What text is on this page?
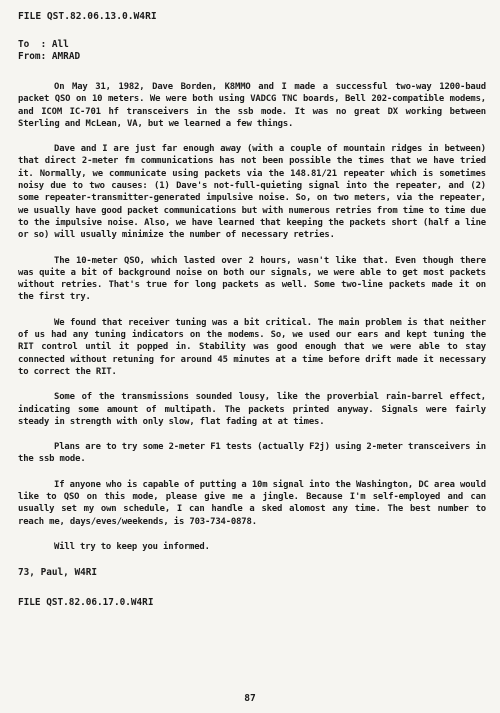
FILE QST.82.06.13.0.W4RI
To  : All
From: AMRAD

On May 31, 1982, Dave Borden, K8MMO and I made a successful two-way 1200-baud packet QSO on 10 meters. We were both using VADCG TNC boards, Bell 202-compatible modems, and ICOM IC-701 hf transceivers in the ssb mode. It was no great DX working between Sterling and McLean, VA, but we learned a few things.

Dave and I are just far enough away (with a couple of mountain ridges in between) that direct 2-meter fm communications has not been possible the times that we have tried it. Normally, we communicate using packets via the 148.81/21 repeater which is sometimes noisy due to two causes: (1) Dave's not-full-quieting signal into the repeater, and (2) some repeater-transmitter-generated impulsive noise. So, on two meters, via the repeater, we usually have good packet communications but with numerous retries from time to time due to the impulsive noise. Also, we have learned that keeping the packets short (half a line or so) will usually minimize the number of necessary retries.

The 10-meter QSO, which lasted over 2 hours, wasn't like that. Even though there was quite a bit of background noise on both our signals, we were able to get most packets without retries. That's true for long packets as well. Some two-line packets made it on the first try.

We found that receiver tuning was a bit critical. The main problem is that neither of us had any tuning indicators on the modems. So, we used our ears and kept tuning the RIT control until it popped in. Stability was good enough that we were able to stay connected without retuning for around 45 minutes at a time before drift made it necessary to correct the RIT.

Some of the transmissions sounded lousy, like the proverbial rain-barrel effect, indicating some amount of multipath. The packets printed anyway. Signals were fairly steady in strength with only slow, flat fading at at times.

Plans are to try some 2-meter F1 tests (actually F2j) using 2-meter transceivers in the ssb mode.

If anyone who is capable of putting a 10m signal into the Washington, DC area would like to QSO on this mode, please give me a jingle. Because I'm self-employed and can usually set my own schedule, I can handle a sked alomost any time. The best number to reach me, days/eves/weekends, is 703-734-0878.

Will try to keep you informed.

73, Paul, W4RI
FILE QST.82.06.17.0.W4RI
87
